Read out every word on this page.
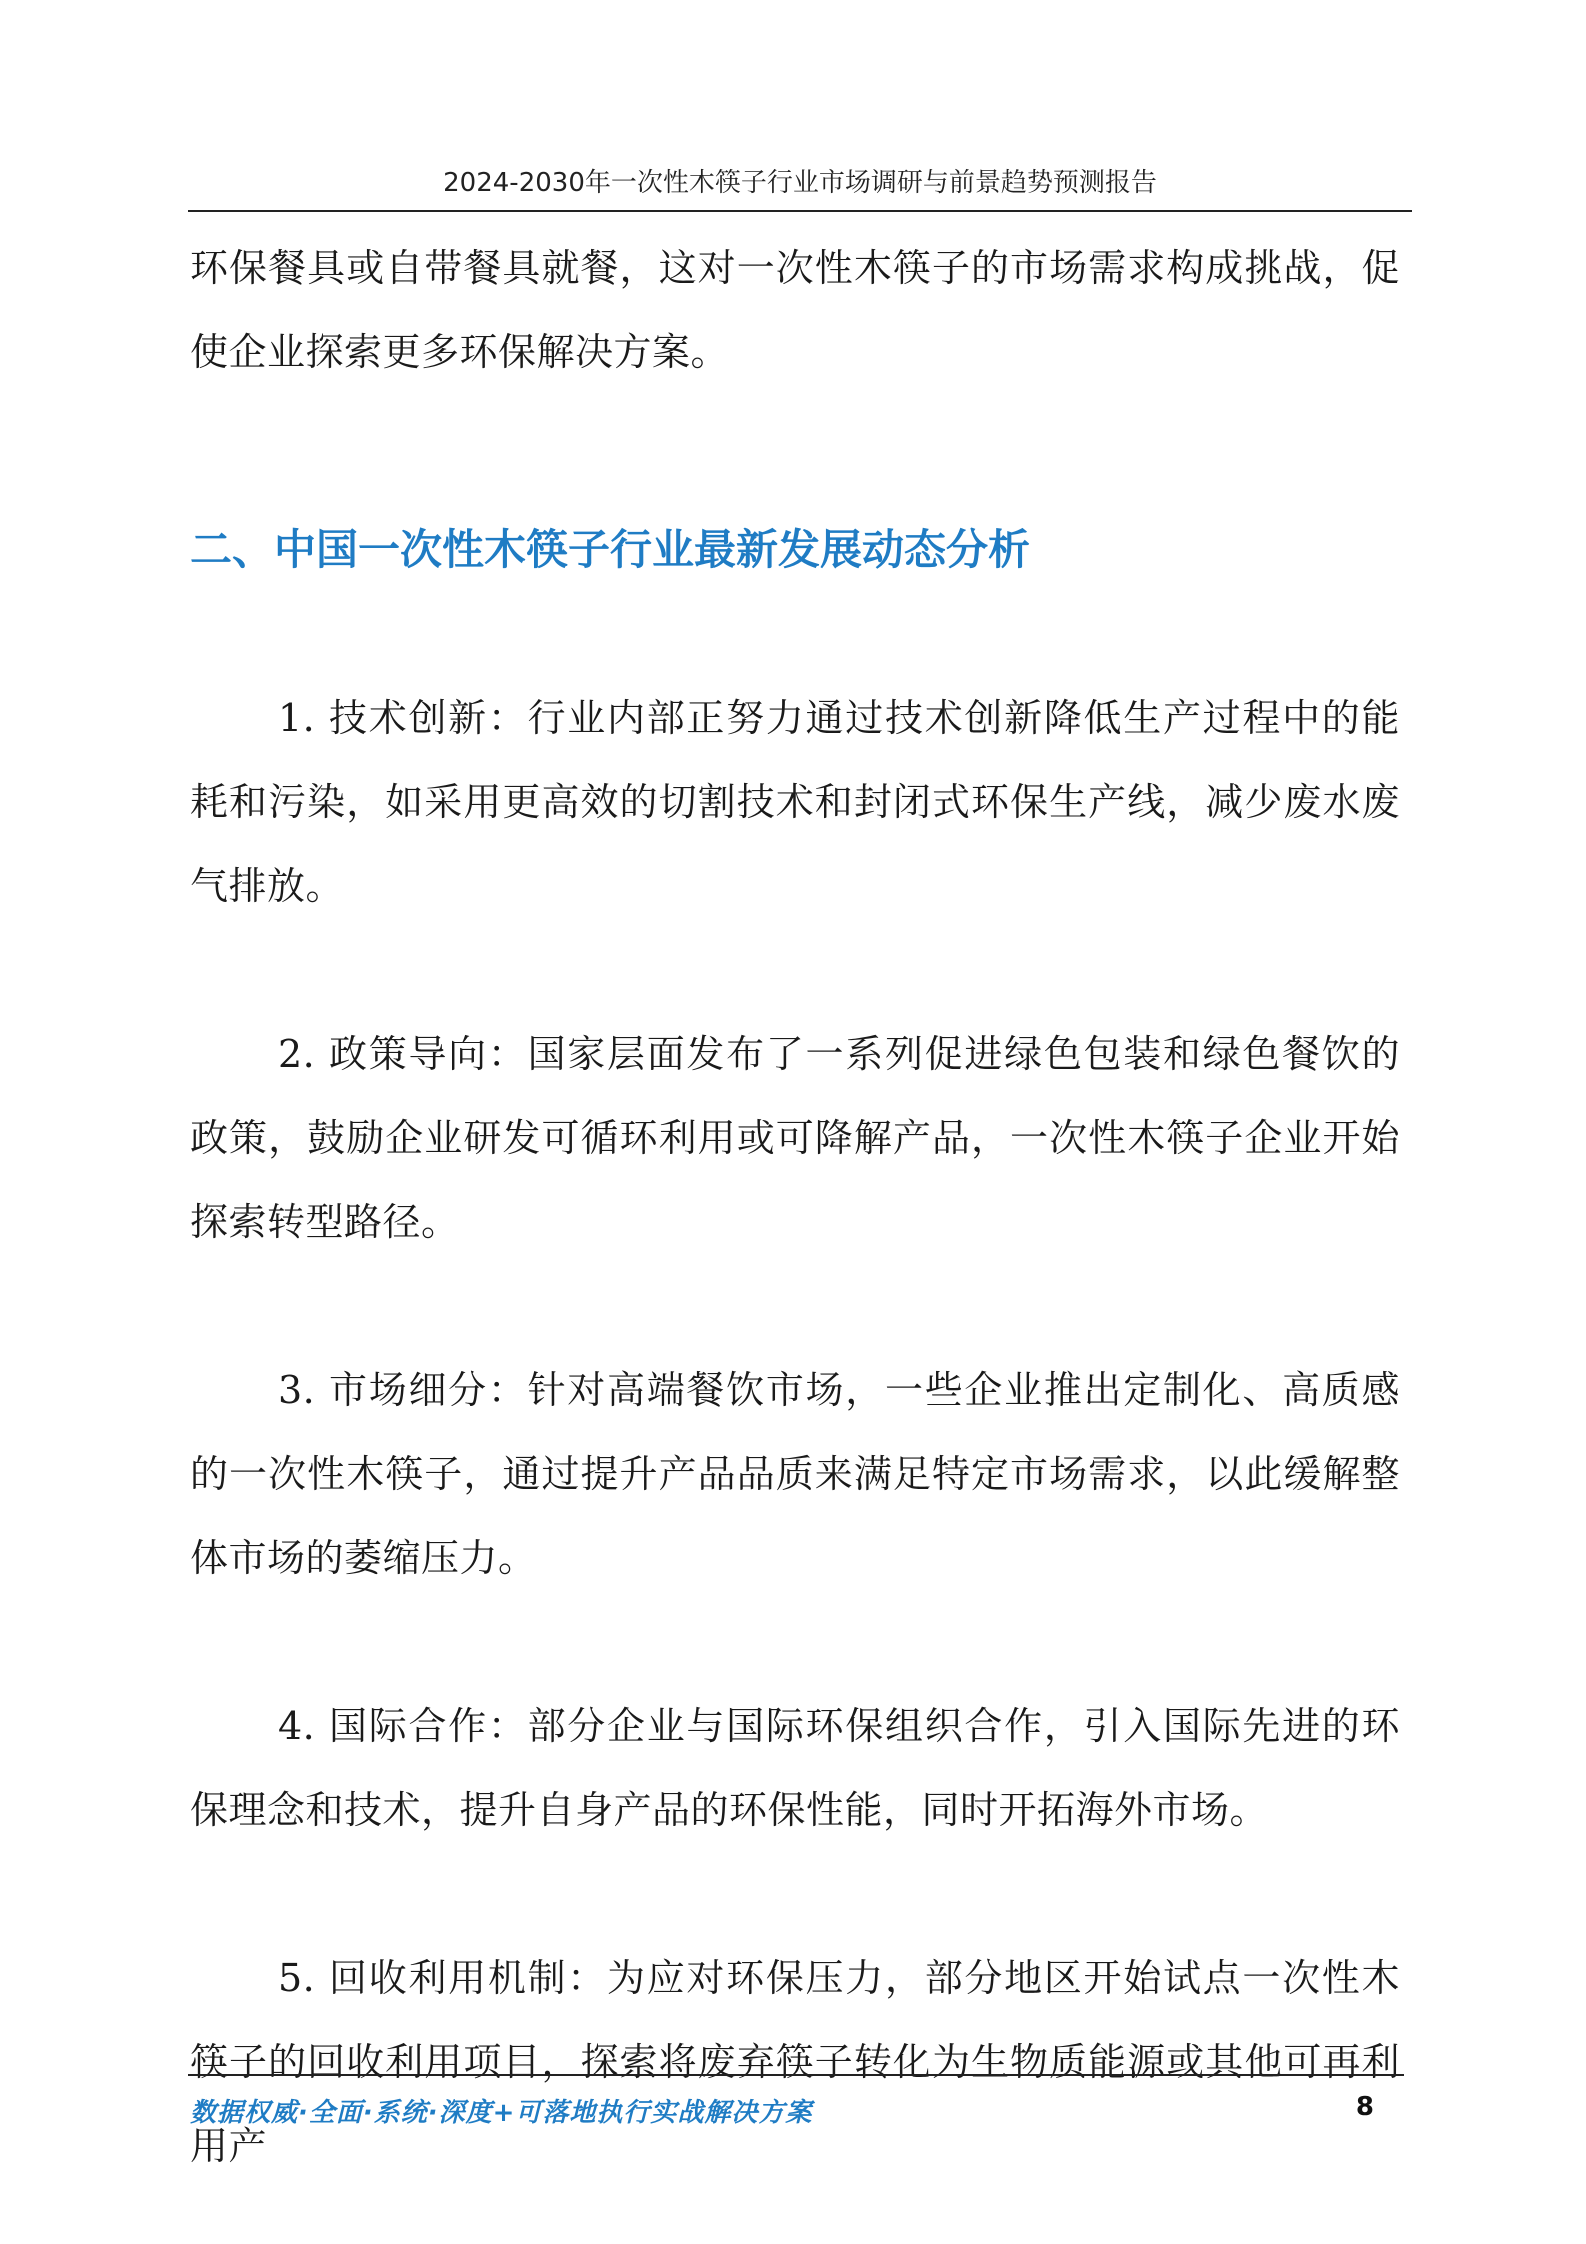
2024-2030年一次性木筷子行业市场调研与前景趋势预测报告

环保餐具或自带餐具就餐，这对一次性木筷子的市场需求构成挑战，促使企业探索更多环保解决方案。

二、中国一次性木筷子行业最新发展动态分析

1. 技术创新：行业内部正努力通过技术创新降低生产过程中的能耗和污染，如采用更高效的切割技术和封闭式环保生产线，减少废水废气排放。

2. 政策导向：国家层面发布了一系列促进绿色包装和绿色餐饮的政策，鼓励企业研发可循环利用或可降解产品，一次性木筷子企业开始探索转型路径。

3. 市场细分：针对高端餐饮市场，一些企业推出定制化、高质感的一次性木筷子，通过提升产品品质来满足特定市场需求，以此缓解整体市场的萎缩压力。

4. 国际合作：部分企业与国际环保组织合作，引入国际先进的环保理念和技术，提升自身产品的环保性能，同时开拓海外市场。

5. 回收利用机制：为应对环保压力，部分地区开始试点一次性木筷子的回收利用项目，探索将废弃筷子转化为生物质能源或其他可再利用产

数据权威·全面·系统·深度+可落地执行实战解决方案	8
